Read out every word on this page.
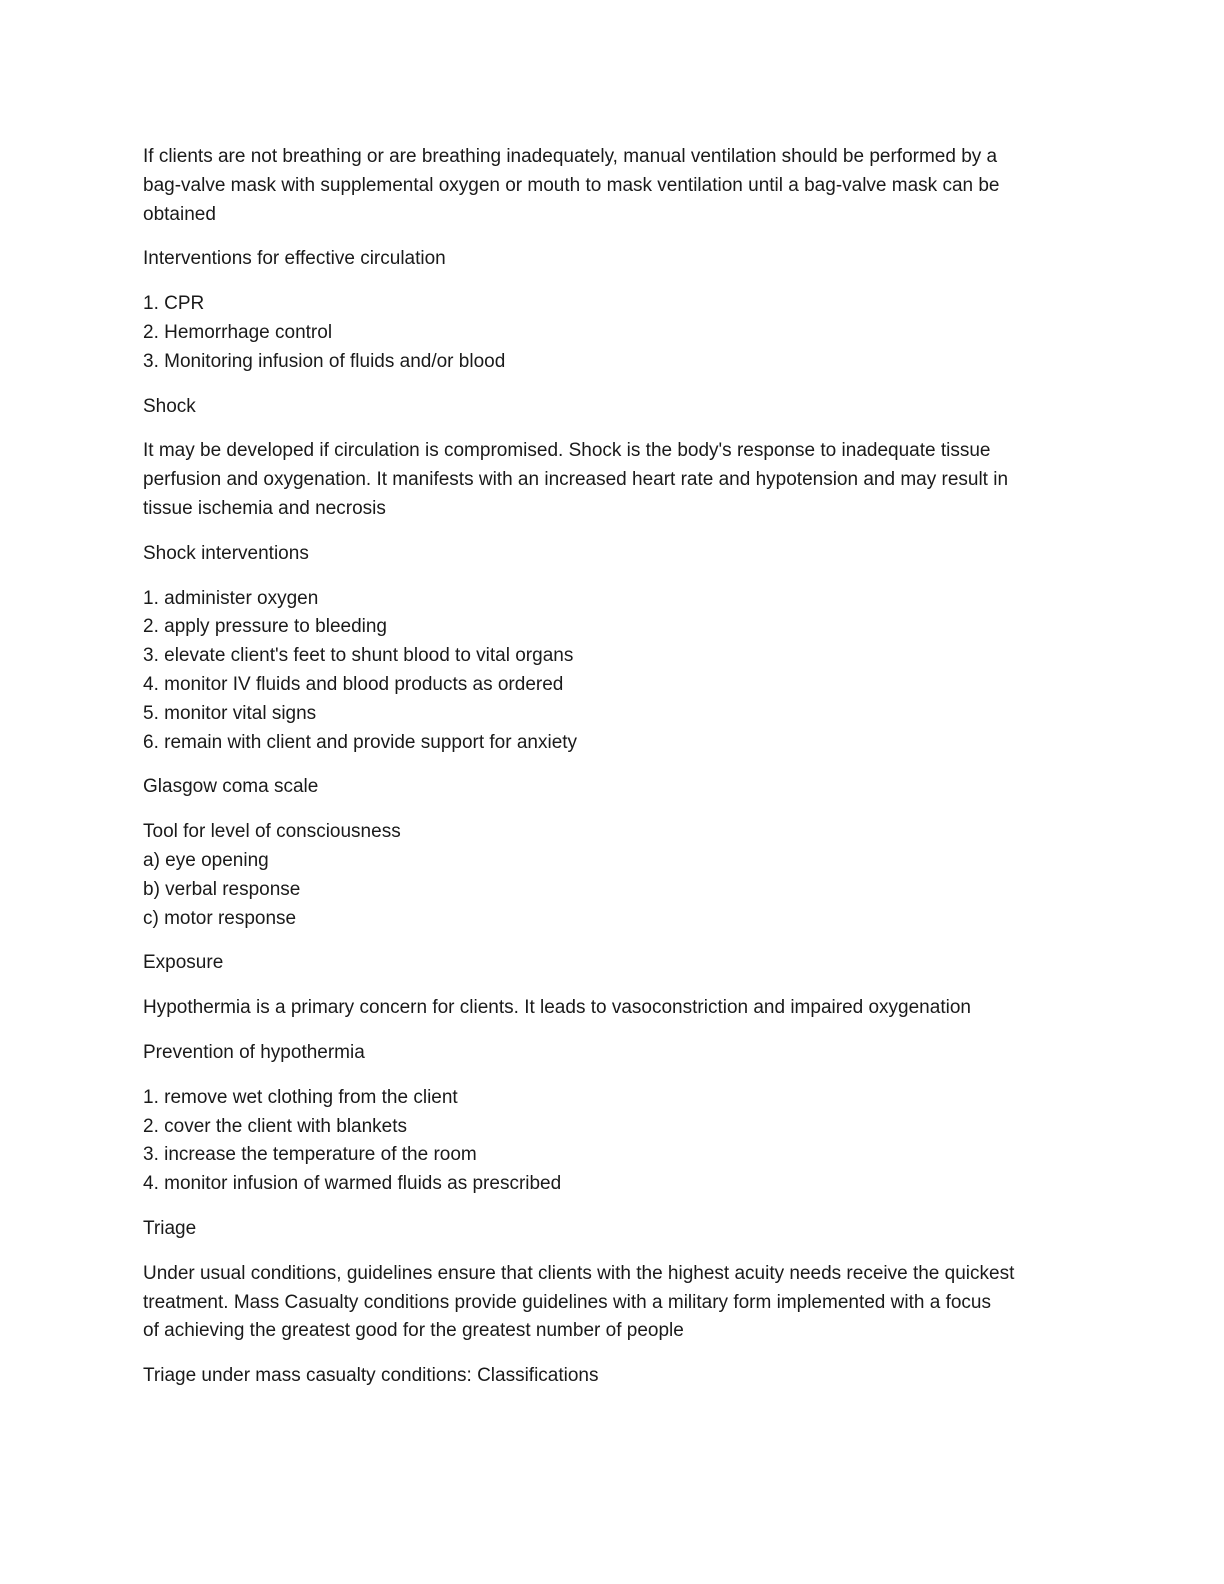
If clients are not breathing or are breathing inadequately, manual ventilation should be performed by a
bag-valve mask with supplemental oxygen or mouth to mask ventilation until a bag-valve mask can be
obtained
Interventions for effective circulation
1. CPR
2. Hemorrhage control
3. Monitoring infusion of fluids and/or blood
Shock
It may be developed if circulation is compromised. Shock is the body's response to inadequate tissue
perfusion and oxygenation. It manifests with an increased heart rate and hypotension and may result in
tissue ischemia and necrosis
Shock interventions
1. administer oxygen
2. apply pressure to bleeding
3. elevate client's feet to shunt blood to vital organs
4. monitor IV fluids and blood products as ordered
5. monitor vital signs
6. remain with client and provide support for anxiety
Glasgow coma scale
Tool for level of consciousness
a) eye opening
b) verbal response
c) motor response
Exposure
Hypothermia is a primary concern for clients. It leads to vasoconstriction and impaired oxygenation
Prevention of hypothermia
1. remove wet clothing from the client
2. cover the client with blankets
3. increase the temperature of the room
4. monitor infusion of warmed fluids as prescribed
Triage
Under usual conditions, guidelines ensure that clients with the highest acuity needs receive the quickest
treatment. Mass Casualty conditions provide guidelines with a military form implemented with a focus
of achieving the greatest good for the greatest number of people
Triage under mass casualty conditions: Classifications
